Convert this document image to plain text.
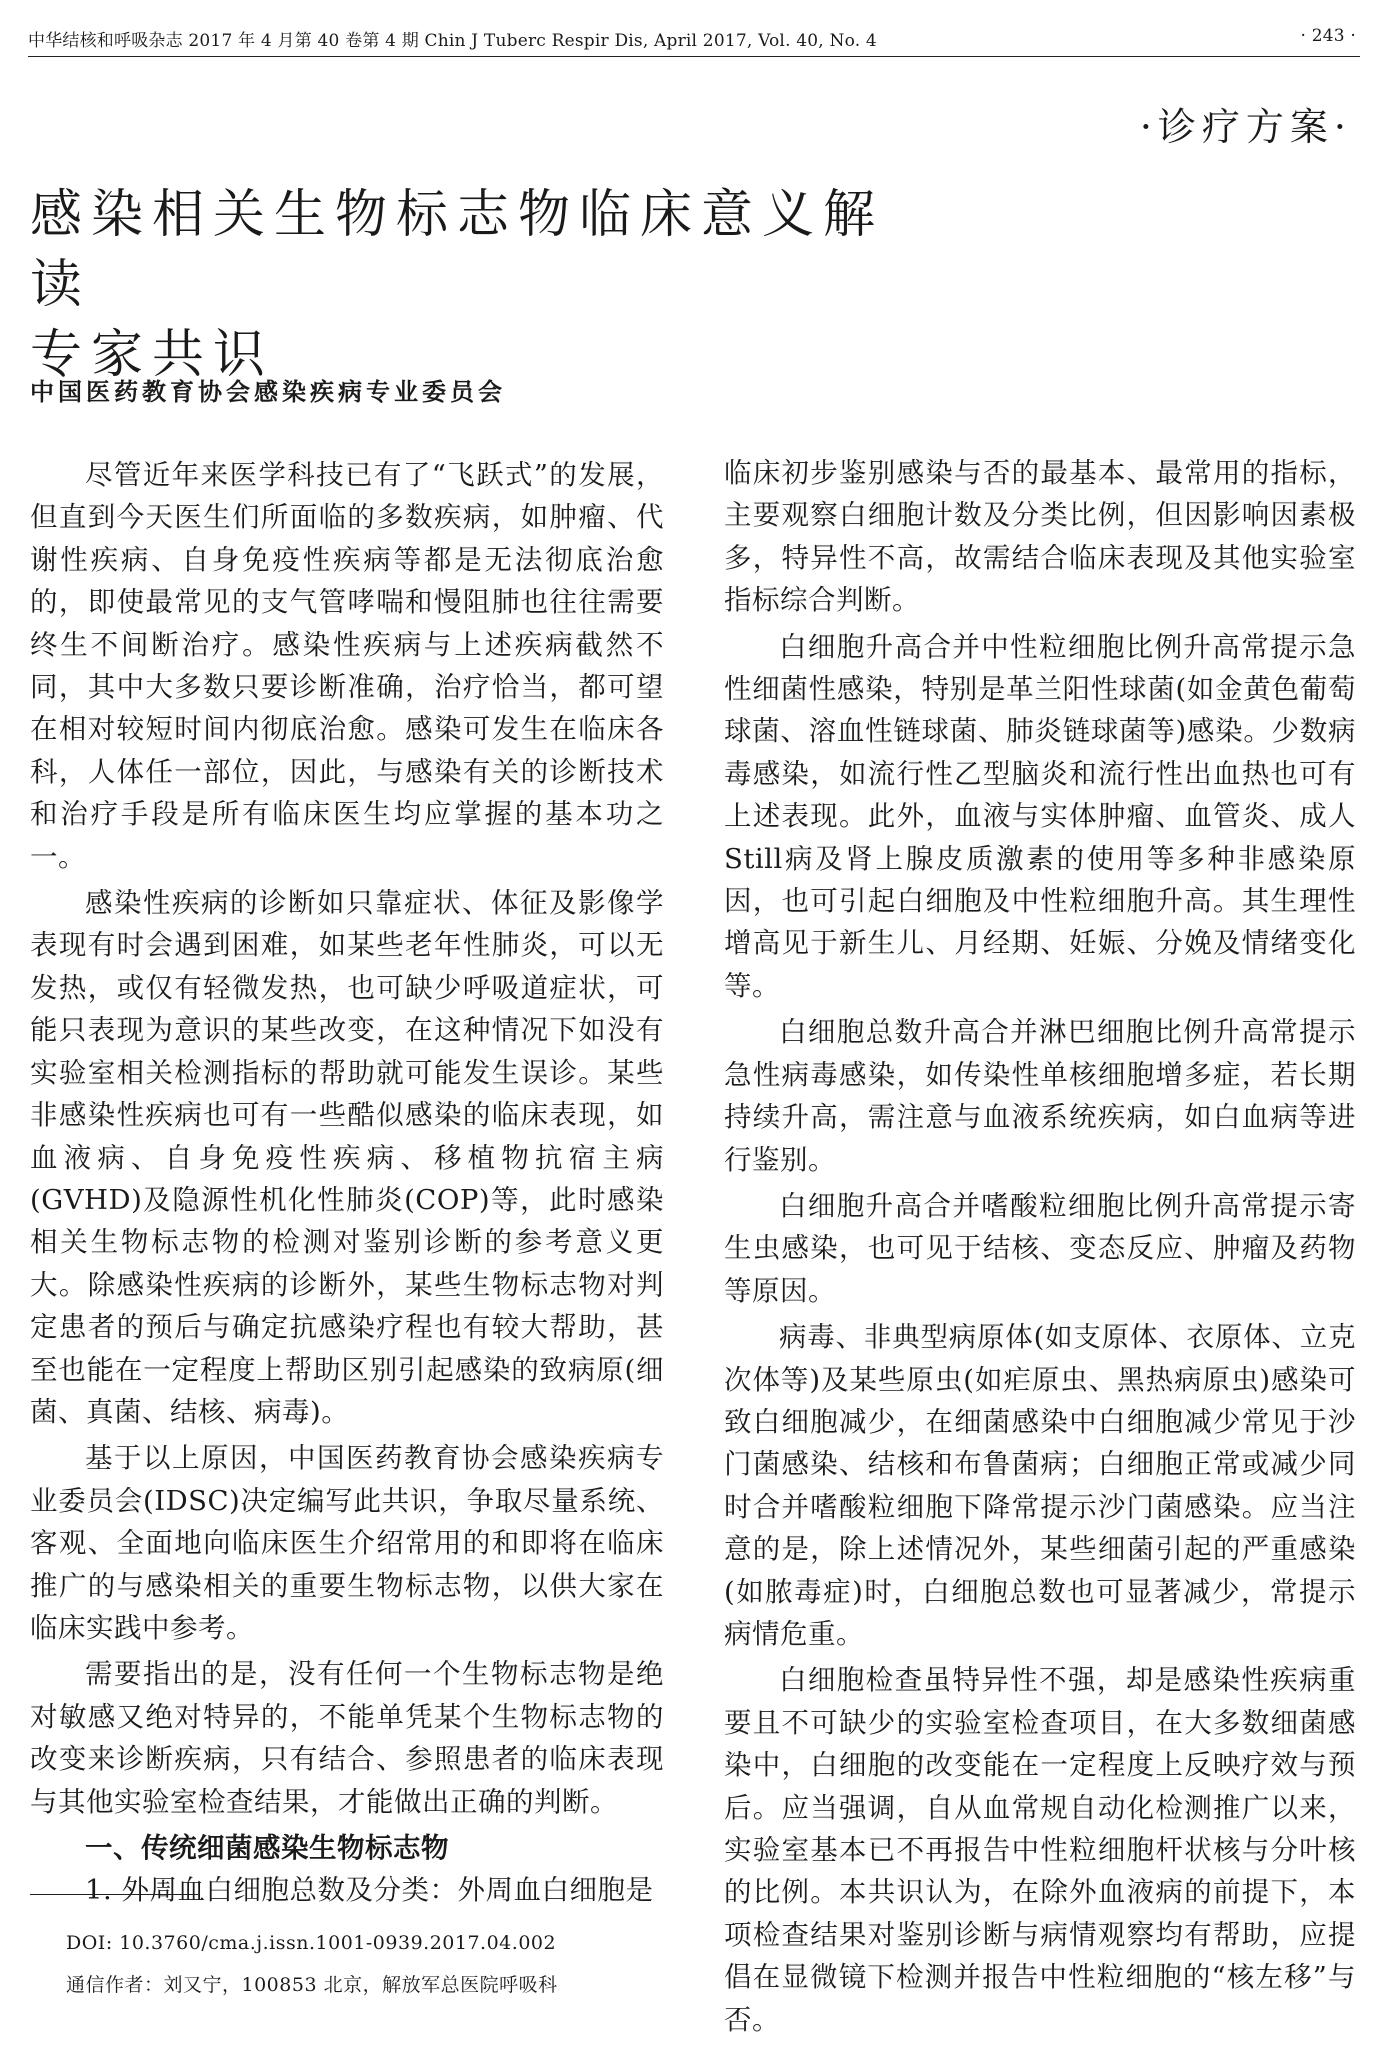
中华结核和呼吸杂志 2017 年 4 月第 40 卷第 4 期 Chin J Tuberc Respir Dis, April 2017, Vol. 40, No. 4	· 243 ·
·诊疗方案·
感染相关生物标志物临床意义解读
专家共识
中国医药教育协会感染疾病专业委员会

尽管近年来医学科技已有了“飞跃式”的发展，但直到今天医生们所面临的多数疾病，如肿瘤、代谢性疾病、自身免疫性疾病等都是无法彻底治愈的，即使最常见的支气管哮喘和慢阻肺也往往需要终生不间断治疗。感染性疾病与上述疾病截然不同，其中大多数只要诊断准确，治疗恰当，都可望在相对较短时间内彻底治愈。感染可发生在临床各科，人体任一部位，因此，与感染有关的诊断技术和治疗手段是所有临床医生均应掌握的基本功之一。

感染性疾病的诊断如只靠症状、体征及影像学表现有时会遇到困难，如某些老年性肺炎，可以无发热，或仅有轻微发热，也可缺少呼吸道症状，可能只表现为意识的某些改变，在这种情况下如没有实验室相关检测指标的帮助就可能发生误诊。某些非感染性疾病也可有一些酷似感染的临床表现，如血液病、自身免疫性疾病、移植物抗宿主病(GVHD)及隐源性机化性肺炎(COP)等，此时感染相关生物标志物的检测对鉴别诊断的参考意义更大。除感染性疾病的诊断外，某些生物标志物对判定患者的预后与确定抗感染疗程也有较大帮助，甚至也能在一定程度上帮助区别引起感染的致病原(细菌、真菌、结核、病毒)。

基于以上原因，中国医药教育协会感染疾病专业委员会(IDSC)决定编写此共识，争取尽量系统、客观、全面地向临床医生介绍常用的和即将在临床推广的与感染相关的重要生物标志物，以供大家在临床实践中参考。

需要指出的是，没有任何一个生物标志物是绝对敏感又绝对特异的，不能单凭某个生物标志物的改变来诊断疾病，只有结合、参照患者的临床表现与其他实验室检查结果，才能做出正确的判断。

一、传统细菌感染生物标志物

1. 外周血白细胞总数及分类：外周血白细胞是

临床初步鉴别感染与否的最基本、最常用的指标，主要观察白细胞计数及分类比例，但因影响因素极多，特异性不高，故需结合临床表现及其他实验室指标综合判断。

白细胞升高合并中性粒细胞比例升高常提示急性细菌性感染，特别是革兰阳性球菌(如金黄色葡萄球菌、溶血性链球菌、肺炎链球菌等)感染。少数病毒感染，如流行性乙型脑炎和流行性出血热也可有上述表现。此外，血液与实体肿瘤、血管炎、成人Still病及肾上腺皮质激素的使用等多种非感染原因，也可引起白细胞及中性粒细胞升高。其生理性增高见于新生儿、月经期、妊娠、分娩及情绪变化等。

白细胞总数升高合并淋巴细胞比例升高常提示急性病毒感染，如传染性单核细胞增多症，若长期持续升高，需注意与血液系统疾病，如白血病等进行鉴别。

白细胞升高合并嗜酸粒细胞比例升高常提示寄生虫感染，也可见于结核、变态反应、肿瘤及药物等原因。

病毒、非典型病原体(如支原体、衣原体、立克次体等)及某些原虫(如疟原虫、黑热病原虫)感染可致白细胞减少，在细菌感染中白细胞减少常见于沙门菌感染、结核和布鲁菌病；白细胞正常或减少同时合并嗜酸粒细胞下降常提示沙门菌感染。应当注意的是，除上述情况外，某些细菌引起的严重感染(如脓毒症)时，白细胞总数也可显著减少，常提示病情危重。

白细胞检查虽特异性不强，却是感染性疾病重要且不可缺少的实验室检查项目，在大多数细菌感染中，白细胞的改变能在一定程度上反映疗效与预后。应当强调，自从血常规自动化检测推广以来，实验室基本已不再报告中性粒细胞杆状核与分叶核的比例。本共识认为，在除外血液病的前提下，本项检查结果对鉴别诊断与病情观察均有帮助，应提倡在显微镜下检测并报告中性粒细胞的“核左移”与否。

DOI: 10.3760/cma.j.issn.1001-0939.2017.04.002
通信作者：刘又宁，100853 北京，解放军总医院呼吸科
